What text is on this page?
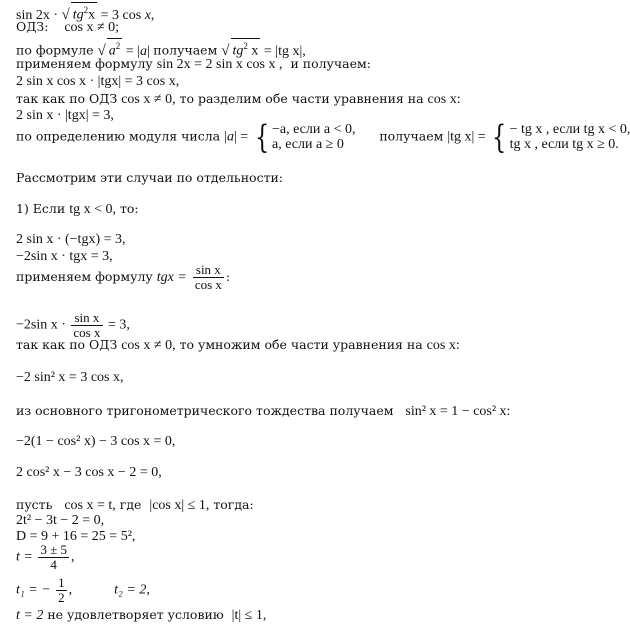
sin 2x · √ $tg^2x = 3$ cos x,
ОДЗ: cos x ≠ 0;
по формуле √ $a^2 = |a|$ получаем √ $tg^2$ x = |tg x|,
применяем формулу sin 2x = 2 sin x cos x , и получаем:
2 sin x cos x · |tgx| = 3 cos x,
так как по ОДЗ cos x ≠ 0, то разделим обе части уравнения на cos x:
2 sin x · |tgx| = 3,
по определению модуля числа |a| = { −a, если a < 0,
a, если a ≥ 0
получаем |tg x| = { − tg x , если tg x < 0,
tg x , если tg x ≥ 0.
Рассмотрим эти случаи по отдельности:
1) Если tg x < 0, то:
2 sin x · (−tgx) = 3,
−2sin x · tgx = 3,
применяем формулу tgx = $\frac{\text{sin x}}{\text{cos x}}$ :
−2sin $x \cdot \frac{\text{sin x}}{\text{cos x}} = 3$,
так как по ОДЗ cos x ≠ 0, то умножим обе части уравнения на cos x:
−2 sin² x = 3 cos x,
из основного тригонометрического тождества получаем sin² x = 1 − cos² x:
−2(1 − cos² x) − 3 cos x = 0,
2 cos² x − 3 cos x − 2 = 0,
пусть cos x = t, где |cos x| ≤ 1, тогда:
2t² − 3t − 2 = 0,
D = 9 + 16 = 25 = 5²,
$t = \frac{3 \pm 5}{4}$ ,
t₁ = − $\frac{1}{2}$ ,	t₂ = 2,
t = 2 не удовлетворяет условию |t| ≤ 1,
